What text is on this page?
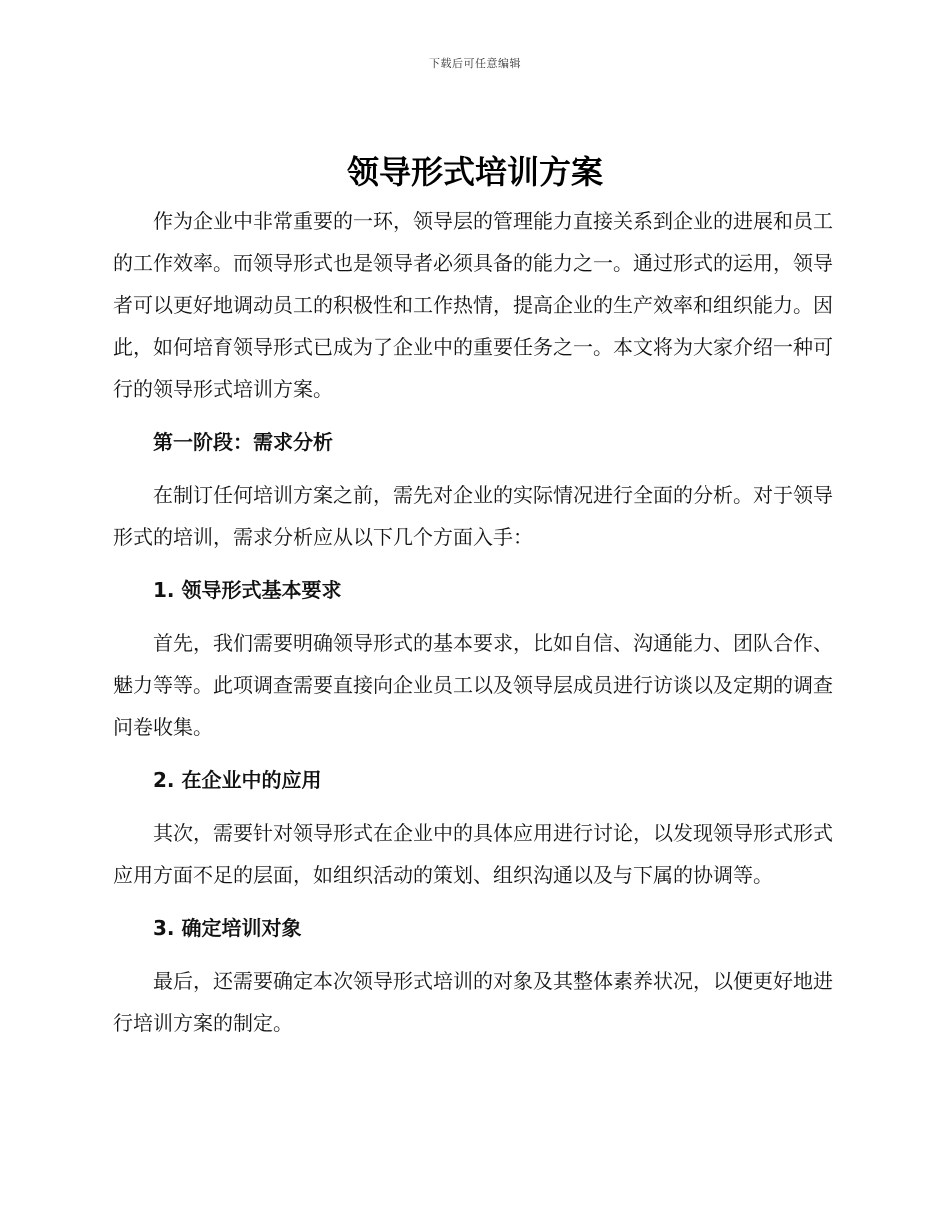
下载后可任意编辑
领导形式培训方案

作为企业中非常重要的一环，领导层的管理能力直接关系到企业的进展和员工的工作效率。而领导形式也是领导者必须具备的能力之一。通过形式的运用，领导者可以更好地调动员工的积极性和工作热情，提高企业的生产效率和组织能力。因此，如何培育领导形式已成为了企业中的重要任务之一。本文将为大家介绍一种可行的领导形式培训方案。

第一阶段：需求分析

在制订任何培训方案之前，需先对企业的实际情况进行全面的分析。对于领导形式的培训，需求分析应从以下几个方面入手：

1. 领导形式基本要求

首先，我们需要明确领导形式的基本要求，比如自信、沟通能力、团队合作、魅力等等。此项调查需要直接向企业员工以及领导层成员进行访谈以及定期的调查问卷收集。

2. 在企业中的应用

其次，需要针对领导形式在企业中的具体应用进行讨论，以发现领导形式形式应用方面不足的层面，如组织活动的策划、组织沟通以及与下属的协调等。

3. 确定培训对象

最后，还需要确定本次领导形式培训的对象及其整体素养状况，以便更好地进行培训方案的制定。
